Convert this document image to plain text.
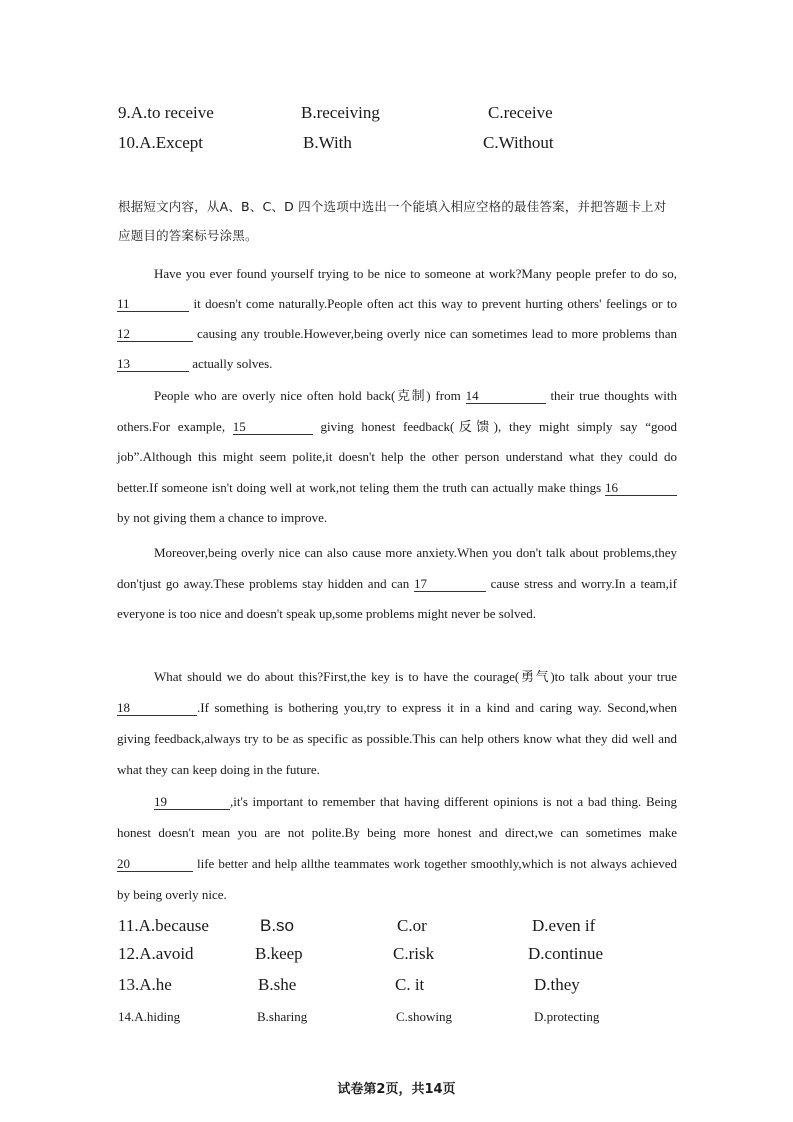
9.A.to receive	B.receiving	C.receive
10.A.Except	B.With	C.Without
根据短文内容，从A、B、C、D 四个选项中选出一个能填入相应空格的最佳答案，并把答题卡上对应题目的答案标号涂黑。
Have you ever found yourself trying to be nice to someone at work?Many people prefer to do so, 11	it doesn't come naturally.People often act this way to prevent hurting others' feelings or to 12	causing any trouble.However,being overly nice can sometimes lead to more problems than 13	actually solves.
People who are overly nice often hold back(克制) from 14	their true thoughts with others.For example, 15	giving honest feedback(反馈), they might simply say “good job”.Although this might seem polite,it doesn't help the other person understand what they could do better.If someone isn't doing well at work,not teling them the truth can actually make things 16 by not giving them a chance to improve.
Moreover,being overly nice can also cause more anxiety.When you don't talk about problems,they don'tjust go away.These problems stay hidden and can 17	cause stress and worry.In a team,if everyone is too nice and doesn't speak up,some problems might never be solved.
What should we do about this?First,the key is to have the courage(勇气)to talk about your true 18	.If something is bothering you,try to express it in a kind and caring way. Second,when giving feedback,always try to be as specific as possible.This can help others know what they did well and what they can keep doing in the future.
19	,it's important to remember that having different opinions is not a bad thing. Being honest doesn't mean you are not polite.By being more honest and direct,we can sometimes make 20	life better and help allthe teammates work together smoothly,which is not always achieved by being overly nice.
11.A.because	B.so	C.or	D.even if
12.A.avoid	B.keep	C.risk	D.continue
13.A.he	B.she	C. it	D.they
14.A.hiding	B.sharing	C.showing	D.protecting
试卷第2页，共14页
